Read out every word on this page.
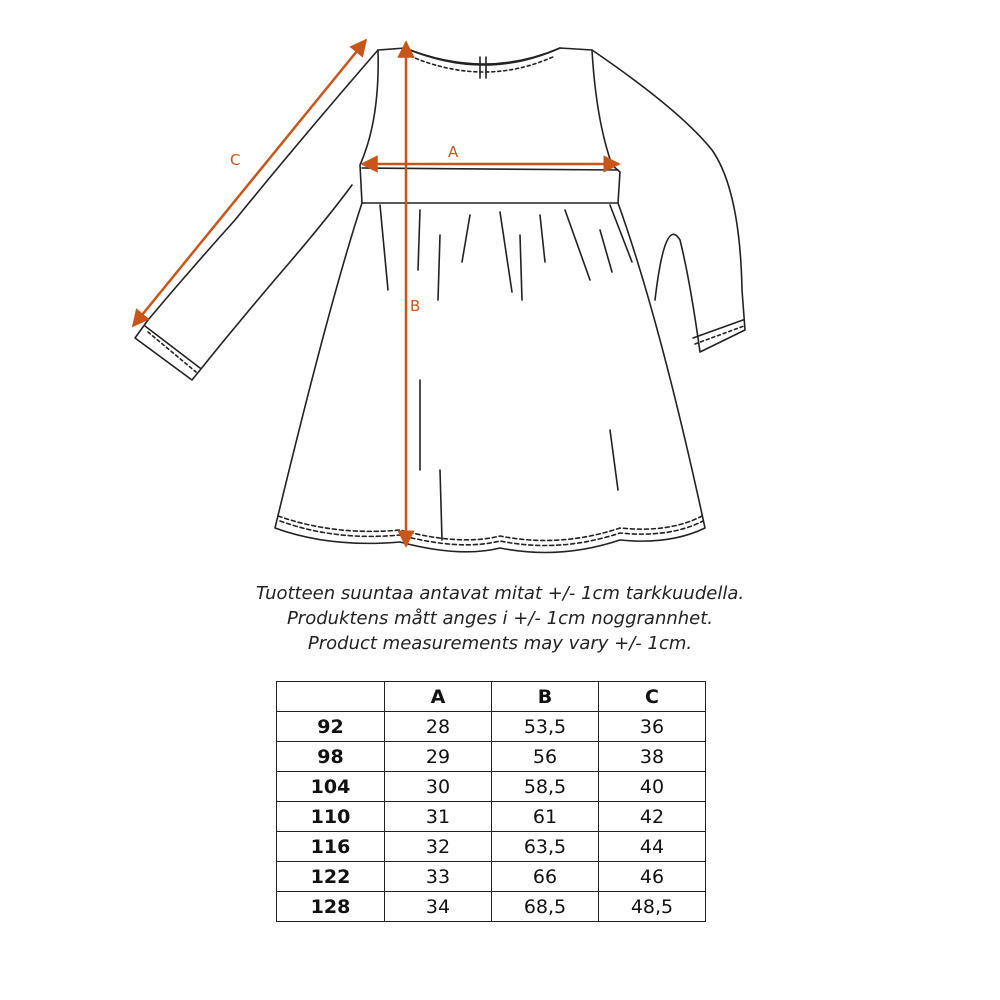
A
B
C
Tuotteen suuntaa antavat mitat +/- 1cm tarkkuudella.
Produktens mått anges i +/- 1cm noggrannhet.
Product measurements may vary +/- 1cm.
	A	B	C
92	28	53,5	36
98	29	56	38
104	30	58,5	40
110	31	61	42
116	32	63,5	44
122	33	66	46
128	34	68,5	48,5
